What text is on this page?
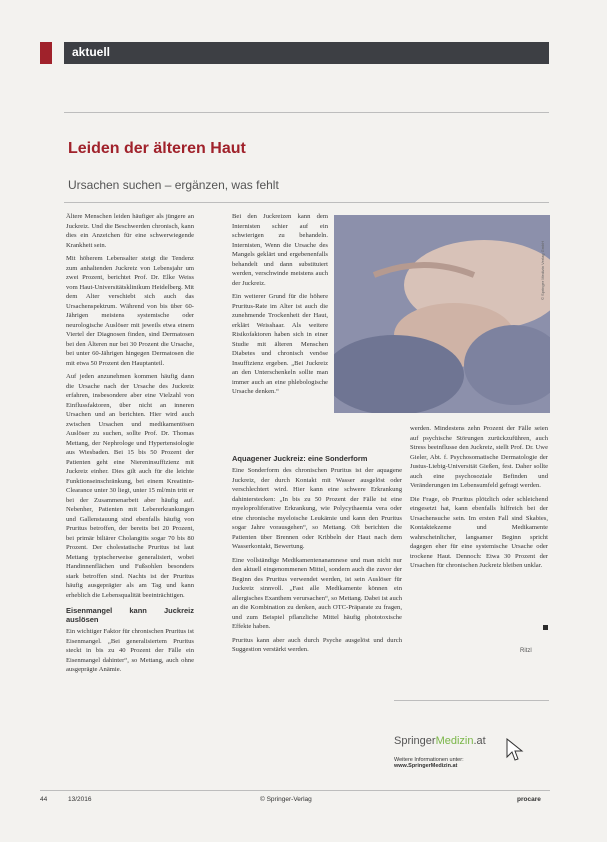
aktuell
Leiden der älteren Haut
Ursachen suchen – ergänzen, was fehlt

Ältere Menschen leiden häufiger als jüngere an Juckreiz. Und die Beschwerden chronisch, kann dies ein Anzeichen für eine schwerwiegende Krankheit sein.

Mit höherem Lebensalter steigt die Tendenz zum anhaltenden Juckreiz von Lebensjahr um zwei Prozent, berichtet Prof. Dr. Elke Weiss vom Haut-Universitätsklinikum Heidelberg. Mit dem Alter verschiebt sich auch das Ursachenspektrum. Während von bis über 60-Jährigen meistens systemische oder neurologische Auslöser mit jeweils etwa einem Viertel der Diagnosen finden, sind Dermatosen bei den Älteren nur bei 30 Prozent die Ursache, bei unter 60-Jährigen hingegen Dermatosen die mit etwa 50 Prozent den Hauptanteil.

Auf jeden anzunehmen kommen häufig dann die Ursache nach der Ursache des Juckreiz erfahren, insbesondere aber eine Vielzahl von Einflussfaktoren, über nicht an inneren Ursachen und an berichten. Hier wird auch zwischen Ursachen und medikamentösen Auslöser zu suchen, sollte Prof. Dr. Thomas Mettang, der Nephrologe und Hypertensiologie aus Wiesbaden. Bei 15 bis 50 Prozent der Patienten geht eine Niereninsuffizienz mit Juckreiz einher. Dies gilt auch für die leichte Funktionseinschränkung, bei einem Kreatinin-Clearance unter 30 liegt, unter 15 ml/min tritt er bei der Zusammenarbeit aber häufig auf. Nebenher, Patienten mit Lebererkrankungen und Gallenstauung sind ebenfalls häufig von Pruritus betroffen, der bereits bei 20 Prozent, bei primär biliärer Cholangitis sogar 70 bis 80 Prozent. Der cholestatische Pruritus ist laut Mettang typischerweise generalisiert, wobei Handinnenflächen und Fußsohlen besonders stark betroffen sind. Nachts ist der Pruritus häufig ausgeprägter als am Tag und kann erheblich die Lebensqualität beeinträchtigen.

Eisenmangel kann Juckreiz auslösen

Ein wichtiger Faktor für chronischen Pruritus ist Eisenmangel. „Bei generalisiertem Pruritus steckt in bis zu 40 Prozent der Fälle ein Eisenmangel dahinter“, so Mettang, auch ohne ausgeprägte Anämie.

Bei den Juckreizen kann dem Internisten schier auf ein schwierigen zu behandeln. Internisten, Wenn die Ursache des Mangels geklärt und ergebenenfalls behandelt und dann substituiert werden, verschwinde meistens auch der Juckreiz.

Ein weiterer Grund für die höhere Pruritus-Rate im Alter ist auch die zunehmende Trockenheit der Haut, erklärt Weisshaar. Als weitere Risikofaktoren haben sich in einer Studie mit älteren Menschen Diabetes und chronisch venöse Insuffizienz ergeben. „Bei Juckreiz an den Unterschenkeln sollte man immer auch an eine phlebologische Ursache denken.“

© Springer Medizin Verlag GmbH
Aquagener Juckreiz: eine Sonderform

Eine Sonderform des chronischen Pruritus ist der aquagene Juckreiz, der durch Kontakt mit Wasser ausgelöst oder verschlechtert wird. Hier kann eine schwere Erkrankung dahinterstecken: „In bis zu 50 Prozent der Fälle ist eine myeloproliferative Erkrankung, wie Polycythaemia vera oder eine chronische myeloische Leukämie und kann den Pruritus sogar Jahre vorausgehen“, so Mettang. Oft berichten die Patienten über Brennen oder Kribbeln der Haut nach dem Wasserkontakt, Bewertung.

Eine vollständige Medikamentenanamnese und man nicht nur den aktuell eingenommenen Mittel, sondern auch die zuvor der Beginn des Pruritus verwendet werden, ist sein Auslöser für Juckreiz sinnvoll. „Fast alle Medikamente können ein allergisches Exanthem verursachen“, so Mettang. Dabei ist auch an die Kombination zu denken, auch OTC-Präparate zu fragen, und zum Beispiel pflanzliche Mittel häufig phototoxische Effekte haben.

Pruritus kann aber auch durch Psyche ausgelöst und durch Suggestion verstärkt werden.

werden. Mindestens zehn Prozent der Fälle seien auf psychische Störungen zurückzuführen, auch Stress beeinflusse den Juckreiz, stellt Prof. Dr. Uwe Gieler, Abt. f. Psychosomatische Dermatologie der Justus-Liebig-Universität Gießen, fest. Daher sollte auch eine psychosoziale Befinden und Veränderungen im Lebensumfeld gefragt werden.

Die Frage, ob Pruritus plötzlich oder schleichend eingesetzt hat, kann ebenfalls hilfreich bei der Ursachensuche sein. Im ersten Fall sind Skabies, Kontaktekzeme und Medikamente wahrscheinlicher, langsamer Beginn spricht dagegen eher für eine systemische Ursache oder trockene Haut. Dennoch: Etwa 30 Prozent der Ursachen für chronischen Juckreiz bleiben unklar.

Ritzl
SpringerMedizin.at
Weitere Informationen unter:
www.SpringerMedizin.at
44	13/2016	© Springer-Verlag	procare
